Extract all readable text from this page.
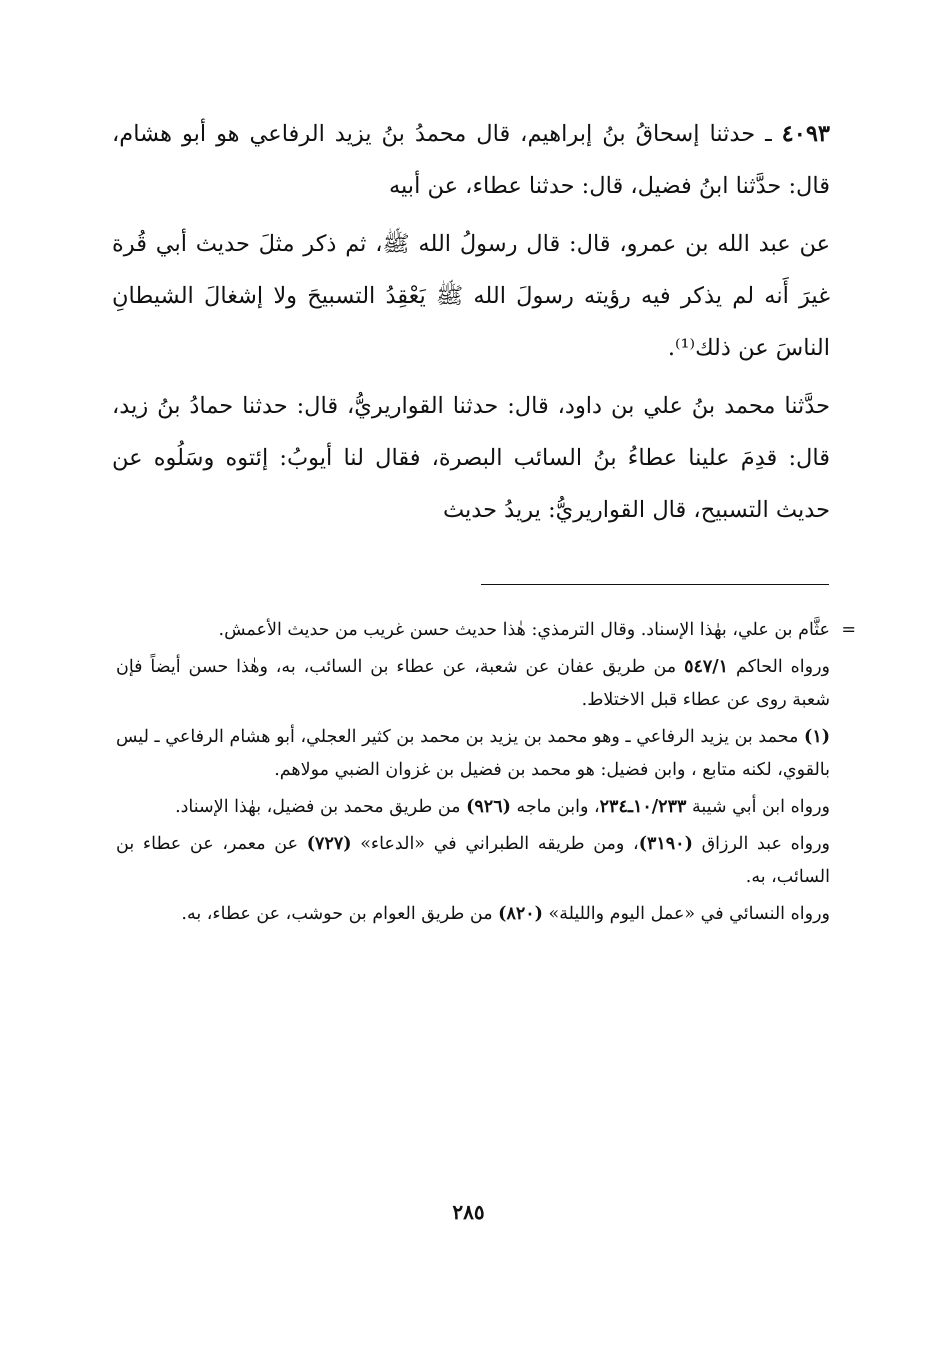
٤٠٩٣ ـ حدثنا إسحاقُ بنُ إبراهيم، قال محمدُ بنُ يزيد الرفاعي هو أبو هشام، قال: حدَّثنا ابنُ فضيل، قال: حدثنا عطاء، عن أبيه

عن عبد الله بن عمرو، قال: قال رسولُ الله ﷺ، ثم ذكر مثلَ حديث أبي قُرة غيرَ أَنه لم يذكر فيه رؤيته رسولَ الله ﷺ يَعْقِدُ التسبيحَ ولا إشغالَ الشيطانِ الناسَ عن ذلك⁽¹⁾.

حدَّثنا محمد بنُ علي بن داود، قال: حدثنا القواريريُّ، قال: حدثنا حمادُ بنُ زيد، قال: قدِمَ علينا عطاءُ بنُ السائب البصرة، فقال لنا أيوبُ: إئتوه وسَلُوه عن حديث التسبيح، قال القواريريُّ: يريدُ حديث

=
عثَّام بن علي، بهٰذا الإسناد. وقال الترمذي: هٰذا حديث حسن غريب من حديث الأعمش.

ورواه الحاكم ٥٤٧/١ من طريق عفان عن شعبة، عن عطاء بن السائب، به، وهٰذا حسن أيضاً فإن شعبة روى عن عطاء قبل الاختلاط.

(١) محمد بن يزيد الرفاعي ـ وهو محمد بن يزيد بن محمد بن كثير العجلي، أبو هشام الرفاعي ـ ليس بالقوي، لكنه متابع ، وابن فضيل: هو محمد بن فضيل بن غزوان الضبي مولاهم.

ورواه ابن أبي شيبة ١٠/٢٣٣ـ٢٣٤، وابن ماجه (٩٢٦) من طريق محمد بن فضيل، بهٰذا الإسناد.

ورواه عبد الرزاق (٣١٩٠)، ومن طريقه الطبراني في «الدعاء» (٧٢٧) عن معمر، عن عطاء بن السائب، به.

ورواه النسائي في «عمل اليوم والليلة» (٨٢٠) من طريق العوام بن حوشب، عن عطاء، به.

٢٨٥
